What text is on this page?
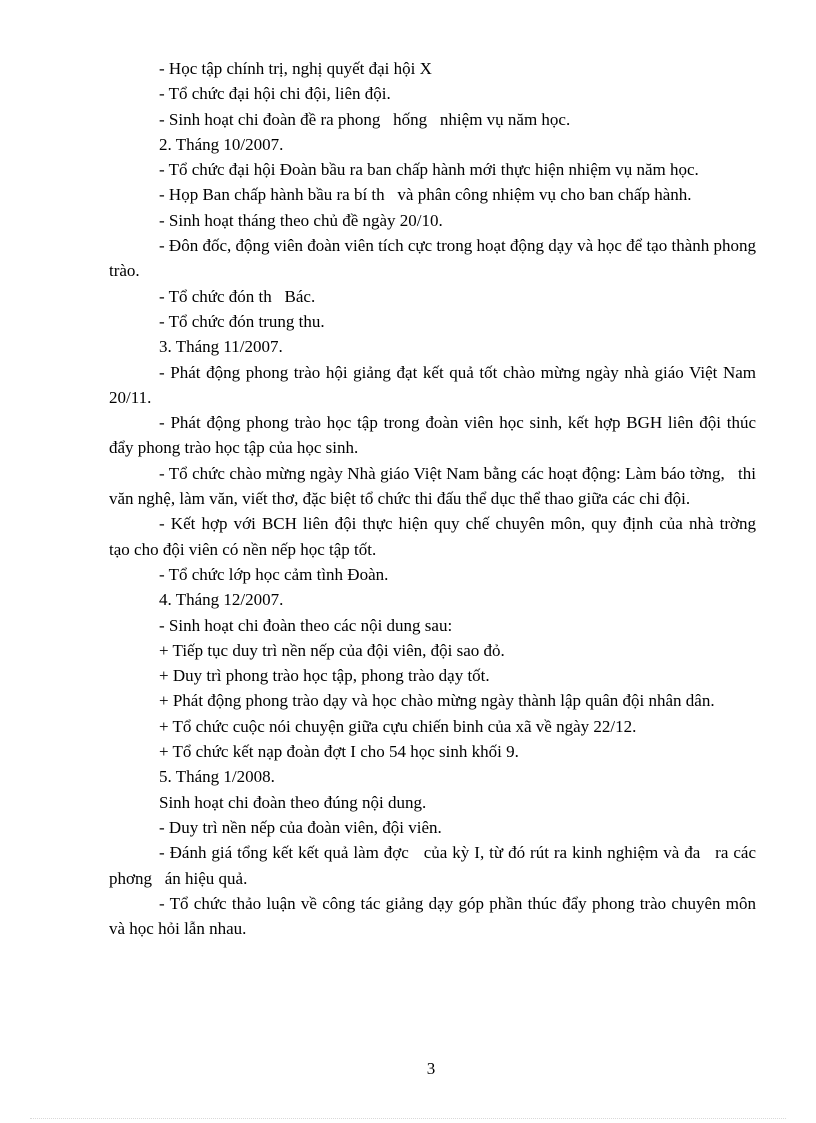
- Học tập chính trị, nghị quyết đại hội X

- Tổ chức đại hội chi đội, liên đội.

- Sinh hoạt chi đoàn đề ra phong   hống   nhiệm vụ năm học.

2. Tháng 10/2007.

- Tổ chức đại hội Đoàn bầu ra ban chấp hành mới thực hiện nhiệm vụ năm học.

- Họp Ban chấp hành bầu ra bí th   và phân công nhiệm vụ cho ban chấp hành.

- Sinh hoạt tháng theo chủ đề ngày 20/10.

- Đôn đốc, động viên đoàn viên tích cực trong hoạt động dạy và học để tạo thành phong trào.

- Tổ chức đón th   Bác.

- Tổ chức đón trung thu.

3. Tháng 11/2007.

- Phát động phong trào hội giảng đạt kết quả tốt chào mừng ngày nhà giáo Việt Nam 20/11.

- Phát động phong trào học tập trong đoàn viên học sinh, kết hợp BGH liên đội thúc đẩy phong trào học tập của học sinh.

- Tổ chức chào mừng ngày Nhà giáo Việt Nam bằng các hoạt động: Làm báo tờng,   thi văn nghệ, làm văn, viết thơ, đặc biệt tổ chức thi đấu thể dục thể thao giữa các chi đội.

- Kết hợp với BCH liên đội thực hiện quy chế chuyên môn, quy định của nhà trờng   tạo cho đội viên có nền nếp học tập tốt.

- Tổ chức lớp học cảm tình Đoàn.

4. Tháng 12/2007.

- Sinh hoạt chi đoàn theo các nội dung sau:

+ Tiếp tục duy trì nền nếp của đội viên, đội sao đỏ.

+ Duy trì phong trào học tập, phong trào dạy tốt.

+ Phát động phong trào dạy và học chào mừng ngày thành lập quân đội nhân dân.

+ Tổ chức cuộc nói chuyện giữa cựu chiến binh của xã về ngày 22/12.

+ Tổ chức kết nạp đoàn đợt I cho 54 học sinh khối 9.

5. Tháng 1/2008.

Sinh hoạt chi đoàn theo đúng nội dung.

- Duy trì nền nếp của đoàn viên, đội viên.

- Đánh giá tổng kết kết quả làm đợc   của kỳ I, từ đó rút ra kinh nghiệm và đa   ra các phơng   án hiệu quả.

- Tổ chức thảo luận về công tác giảng dạy góp phần thúc đẩy phong trào chuyên môn và học hỏi lẫn nhau.

3
